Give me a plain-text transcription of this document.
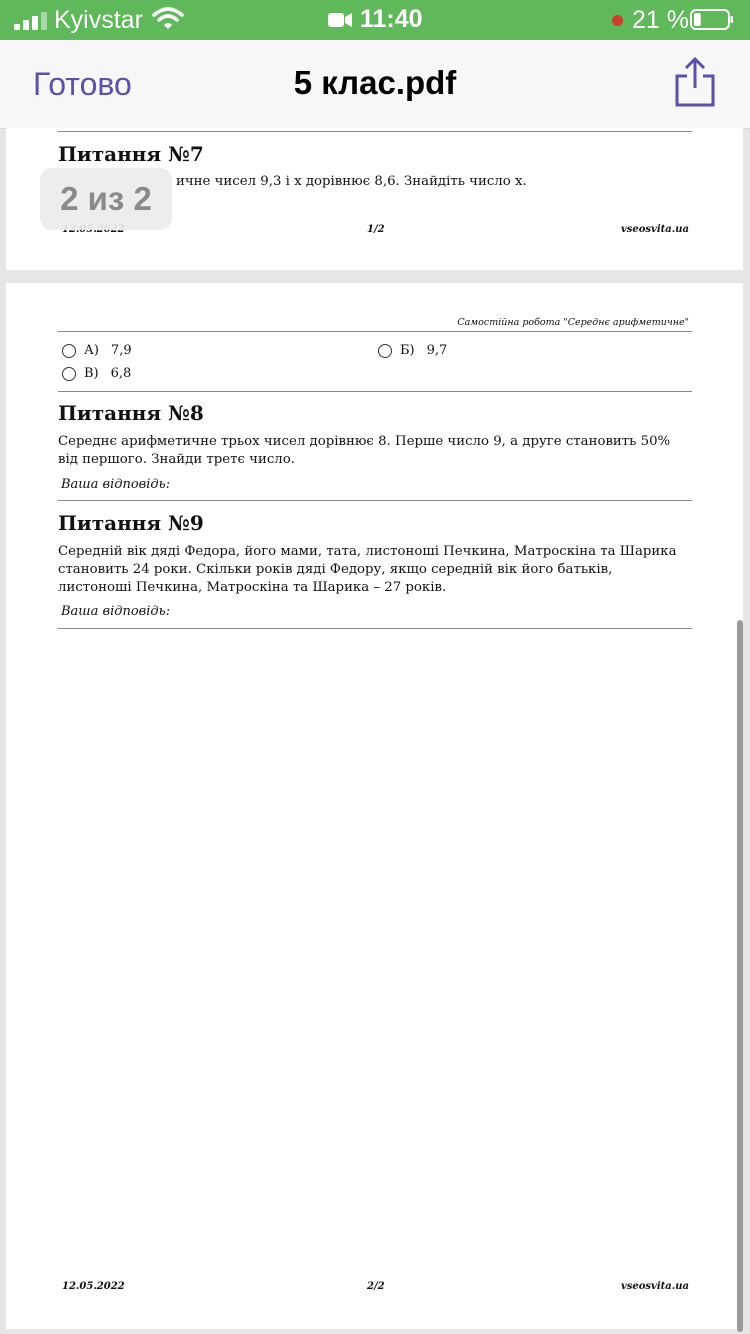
Kyivstar	11:40	21 %
Готово	5 клас.pdf
Питання №7
ичне чисел 9,3 і х дорівнює 8,6. Знайдіть число х.
1/2	vseosvita.ua
2 из 2
Самостійна робота "Середнє арифметичне"
А) 7,9	Б) 9,7
В) 6,8
Питання №8
Середнє арифметичне трьох чисел дорівнює 8. Перше число 9, а друге становить 50% від першого. Знайди третє число.
Ваша відповідь:
Питання №9
Середній вік дяді Федора, його мами, тата, листоноші Печкина, Матроскіна та Шарика становить 24 роки. Скільки років дяді Федору, якщо середній вік його батьків, листоноші Печкина, Матроскіна та Шарика – 27 років.
Ваша відповідь:
12.05.2022	2/2	vseosvita.ua
